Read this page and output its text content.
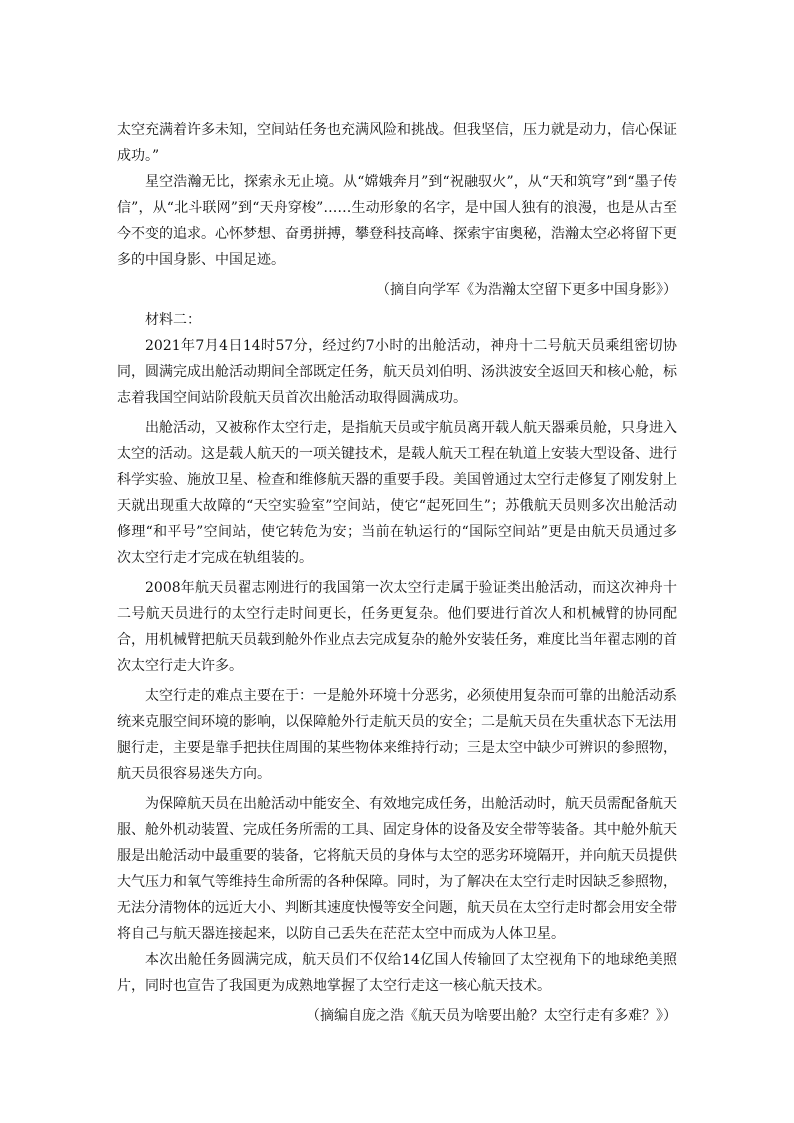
太空充满着许多未知，空间站任务也充满风险和挑战。但我坚信，压力就是动力，信心保证成功。”

星空浩瀚无比，探索永无止境。从“嫦娥奔月”到“祝融驭火”，从“天和筑穹”到“墨子传信”，从“北斗联网”到“天舟穿梭”……生动形象的名字，是中国人独有的浪漫，也是从古至今不变的追求。心怀梦想、奋勇拼搏，攀登科技高峰、探索宇宙奥秘，浩瀚太空必将留下更多的中国身影、中国足迹。

（摘自向学军《为浩瀚太空留下更多中国身影》）

材料二：

2021年7月4日14时57分，经过约7小时的出舱活动，神舟十二号航天员乘组密切协同，圆满完成出舱活动期间全部既定任务，航天员刘伯明、汤洪波安全返回天和核心舱，标志着我国空间站阶段航天员首次出舱活动取得圆满成功。

出舱活动，又被称作太空行走，是指航天员或宇航员离开载人航天器乘员舱，只身进入太空的活动。这是载人航天的一项关键技术，是载人航天工程在轨道上安装大型设备、进行科学实验、施放卫星、检查和维修航天器的重要手段。美国曾通过太空行走修复了刚发射上天就出现重大故障的“天空实验室”空间站，使它“起死回生”；苏俄航天员则多次出舱活动修理“和平号”空间站，使它转危为安；当前在轨运行的“国际空间站”更是由航天员通过多次太空行走才完成在轨组装的。

2008年航天员翟志刚进行的我国第一次太空行走属于验证类出舱活动，而这次神舟十二号航天员进行的太空行走时间更长，任务更复杂。他们要进行首次人和机械臂的协同配合，用机械臂把航天员载到舱外作业点去完成复杂的舱外安装任务，难度比当年翟志刚的首次太空行走大许多。

太空行走的难点主要在于：一是舱外环境十分恶劣，必须使用复杂而可靠的出舱活动系统来克服空间环境的影响，以保障舱外行走航天员的安全；二是航天员在失重状态下无法用腿行走，主要是靠手把扶住周围的某些物体来维持行动；三是太空中缺少可辨识的参照物，航天员很容易迷失方向。

为保障航天员在出舱活动中能安全、有效地完成任务，出舱活动时，航天员需配备航天服、舱外机动装置、完成任务所需的工具、固定身体的设备及安全带等装备。其中舱外航天服是出舱活动中最重要的装备，它将航天员的身体与太空的恶劣环境隔开，并向航天员提供大气压力和氧气等维持生命所需的各种保障。同时，为了解决在太空行走时因缺乏参照物，无法分清物体的远近大小、判断其速度快慢等安全问题，航天员在太空行走时都会用安全带将自己与航天器连接起来，以防自己丢失在茫茫太空中而成为人体卫星。

本次出舱任务圆满完成，航天员们不仅给14亿国人传输回了太空视角下的地球绝美照片，同时也宣告了我国更为成熟地掌握了太空行走这一核心航天技术。

（摘编自庞之浩《航天员为啥要出舱？太空行走有多难？》）
